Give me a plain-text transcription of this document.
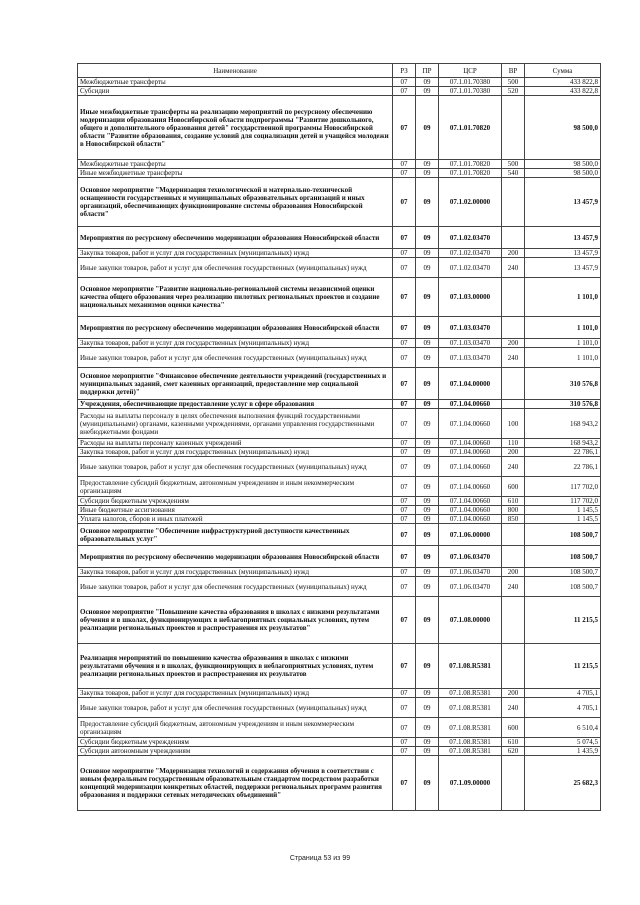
Наименование	РЗ	ПР	ЦСР	ВР	Сумма
Межбюджетные трансферты	07	09	07.1.01.70380	500	433 822,8
Субсидии	07	09	07.1.01.70380	520	433 822,8
Иные межбюджетные трансферты на реализацию мероприятий по ресурсному обеспечению модернизации образования Новосибирской области подпрограммы "Развитие дошкольного, общего и дополнительного образования детей" государственной программы Новосибирской области "Развитие образования, создание условий для социализации детей и учащейся молодежи в Новосибирской области"	07	09	07.1.01.70820		98 500,0
Межбюджетные трансферты	07	09	07.1.01.70820	500	98 500,0
Иные межбюджетные трансферты	07	09	07.1.01.70820	540	98 500,0
Основное мероприятие "Модернизация технологической и материально-технической оснащенности государственных и муниципальных образовательных организаций и иных организаций, обеспечивающих функционирование системы образования Новосибирской области"	07	09	07.1.02.00000		13 457,9
Мероприятия по ресурсному обеспечению модернизации образования Новосибирской области	07	09	07.1.02.03470		13 457,9
Закупка товаров, работ и услуг для государственных (муниципальных) нужд	07	09	07.1.02.03470	200	13 457,9
Иные закупки товаров, работ и услуг для обеспечения государственных (муниципальных) нужд	07	09	07.1.02.03470	240	13 457,9
Основное мероприятие "Развитие национально-региональной системы независимой оценки качества общего образования через реализацию пилотных региональных проектов и создание национальных механизмов оценки качества"	07	09	07.1.03.00000		1 101,0
Мероприятия по ресурсному обеспечению модернизации образования Новосибирской области	07	09	07.1.03.03470		1 101,0
Закупка товаров, работ и услуг для государственных (муниципальных) нужд	07	09	07.1.03.03470	200	1 101,0
Иные закупки товаров, работ и услуг для обеспечения государственных (муниципальных) нужд	07	09	07.1.03.03470	240	1 101,0
Основное мероприятие "Финансовое обеспечение деятельности учреждений (государственных и муниципальных заданий, смет казенных организаций, предоставление мер социальной поддержки детей)"	07	09	07.1.04.00000		310 576,8
Учреждения, обеспечивающие предоставление услуг в сфере образования	07	09	07.1.04.00660		310 576,8
Расходы на выплаты персоналу в целях обеспечения выполнения функций государственными (муниципальными) органами, казенными учреждениями, органами управления государственными внебюджетными фондами	07	09	07.1.04.00660	100	168 943,2
Расходы на выплаты персоналу казенных учреждений	07	09	07.1.04.00660	110	168 943,2
Закупка товаров, работ и услуг для государственных (муниципальных) нужд	07	09	07.1.04.00660	200	22 786,1
Иные закупки товаров, работ и услуг для обеспечения государственных (муниципальных) нужд	07	09	07.1.04.00660	240	22 786,1
Предоставление субсидий бюджетным, автономным учреждениям и иным некоммерческим организациям	07	09	07.1.04.00660	600	117 702,0
Субсидии бюджетным учреждениям	07	09	07.1.04.00660	610	117 702,0
Иные бюджетные ассигнования	07	09	07.1.04.00660	800	1 145,5
Уплата налогов, сборов и иных платежей	07	09	07.1.04.00660	850	1 145,5
Основное мероприятие "Обеспечение инфраструктурной доступности качественных образовательных услуг"	07	09	07.1.06.00000		108 500,7
Мероприятия по ресурсному обеспечению модернизации образования Новосибирской области	07	09	07.1.06.03470		108 500,7
Закупка товаров, работ и услуг для государственных (муниципальных) нужд	07	09	07.1.06.03470	200	108 500,7
Иные закупки товаров, работ и услуг для обеспечения государственных (муниципальных) нужд	07	09	07.1.06.03470	240	108 500,7
Основное мероприятие "Повышение качества образования в школах с низкими результатами обучения и в школах, функционирующих в неблагоприятных социальных условиях, путем реализации региональных проектов и распространения их результатов"	07	09	07.1.08.00000		11 215,5
Реализация мероприятий по повышению качества образования в школах с низкими результатами обучения и в школах, функционирующих в неблагоприятных условиях, путем реализации региональных проектов и распространения их результатов	07	09	07.1.08.R5381		11 215,5
Закупка товаров, работ и услуг для государственных (муниципальных) нужд	07	09	07.1.08.R5381	200	4 705,1
Иные закупки товаров, работ и услуг для обеспечения государственных (муниципальных) нужд	07	09	07.1.08.R5381	240	4 705,1
Предоставление субсидий бюджетным, автономным учреждениям и иным некоммерческим организациям	07	09	07.1.08.R5381	600	6 510,4
Субсидии бюджетным учреждениям	07	09	07.1.08.R5381	610	5 074,5
Субсидии автономным учреждениям	07	09	07.1.08.R5381	620	1 435,9
Основное мероприятие "Модернизация технологий и содержания обучения в соответствии с новым федеральным государственным образовательным стандартом посредством разработки концепций модернизации конкретных областей, поддержки региональных программ развития образования и поддержки сетевых методических объединений"	07	09	07.1.09.00000		25 682,3
Страница 53 из 99
